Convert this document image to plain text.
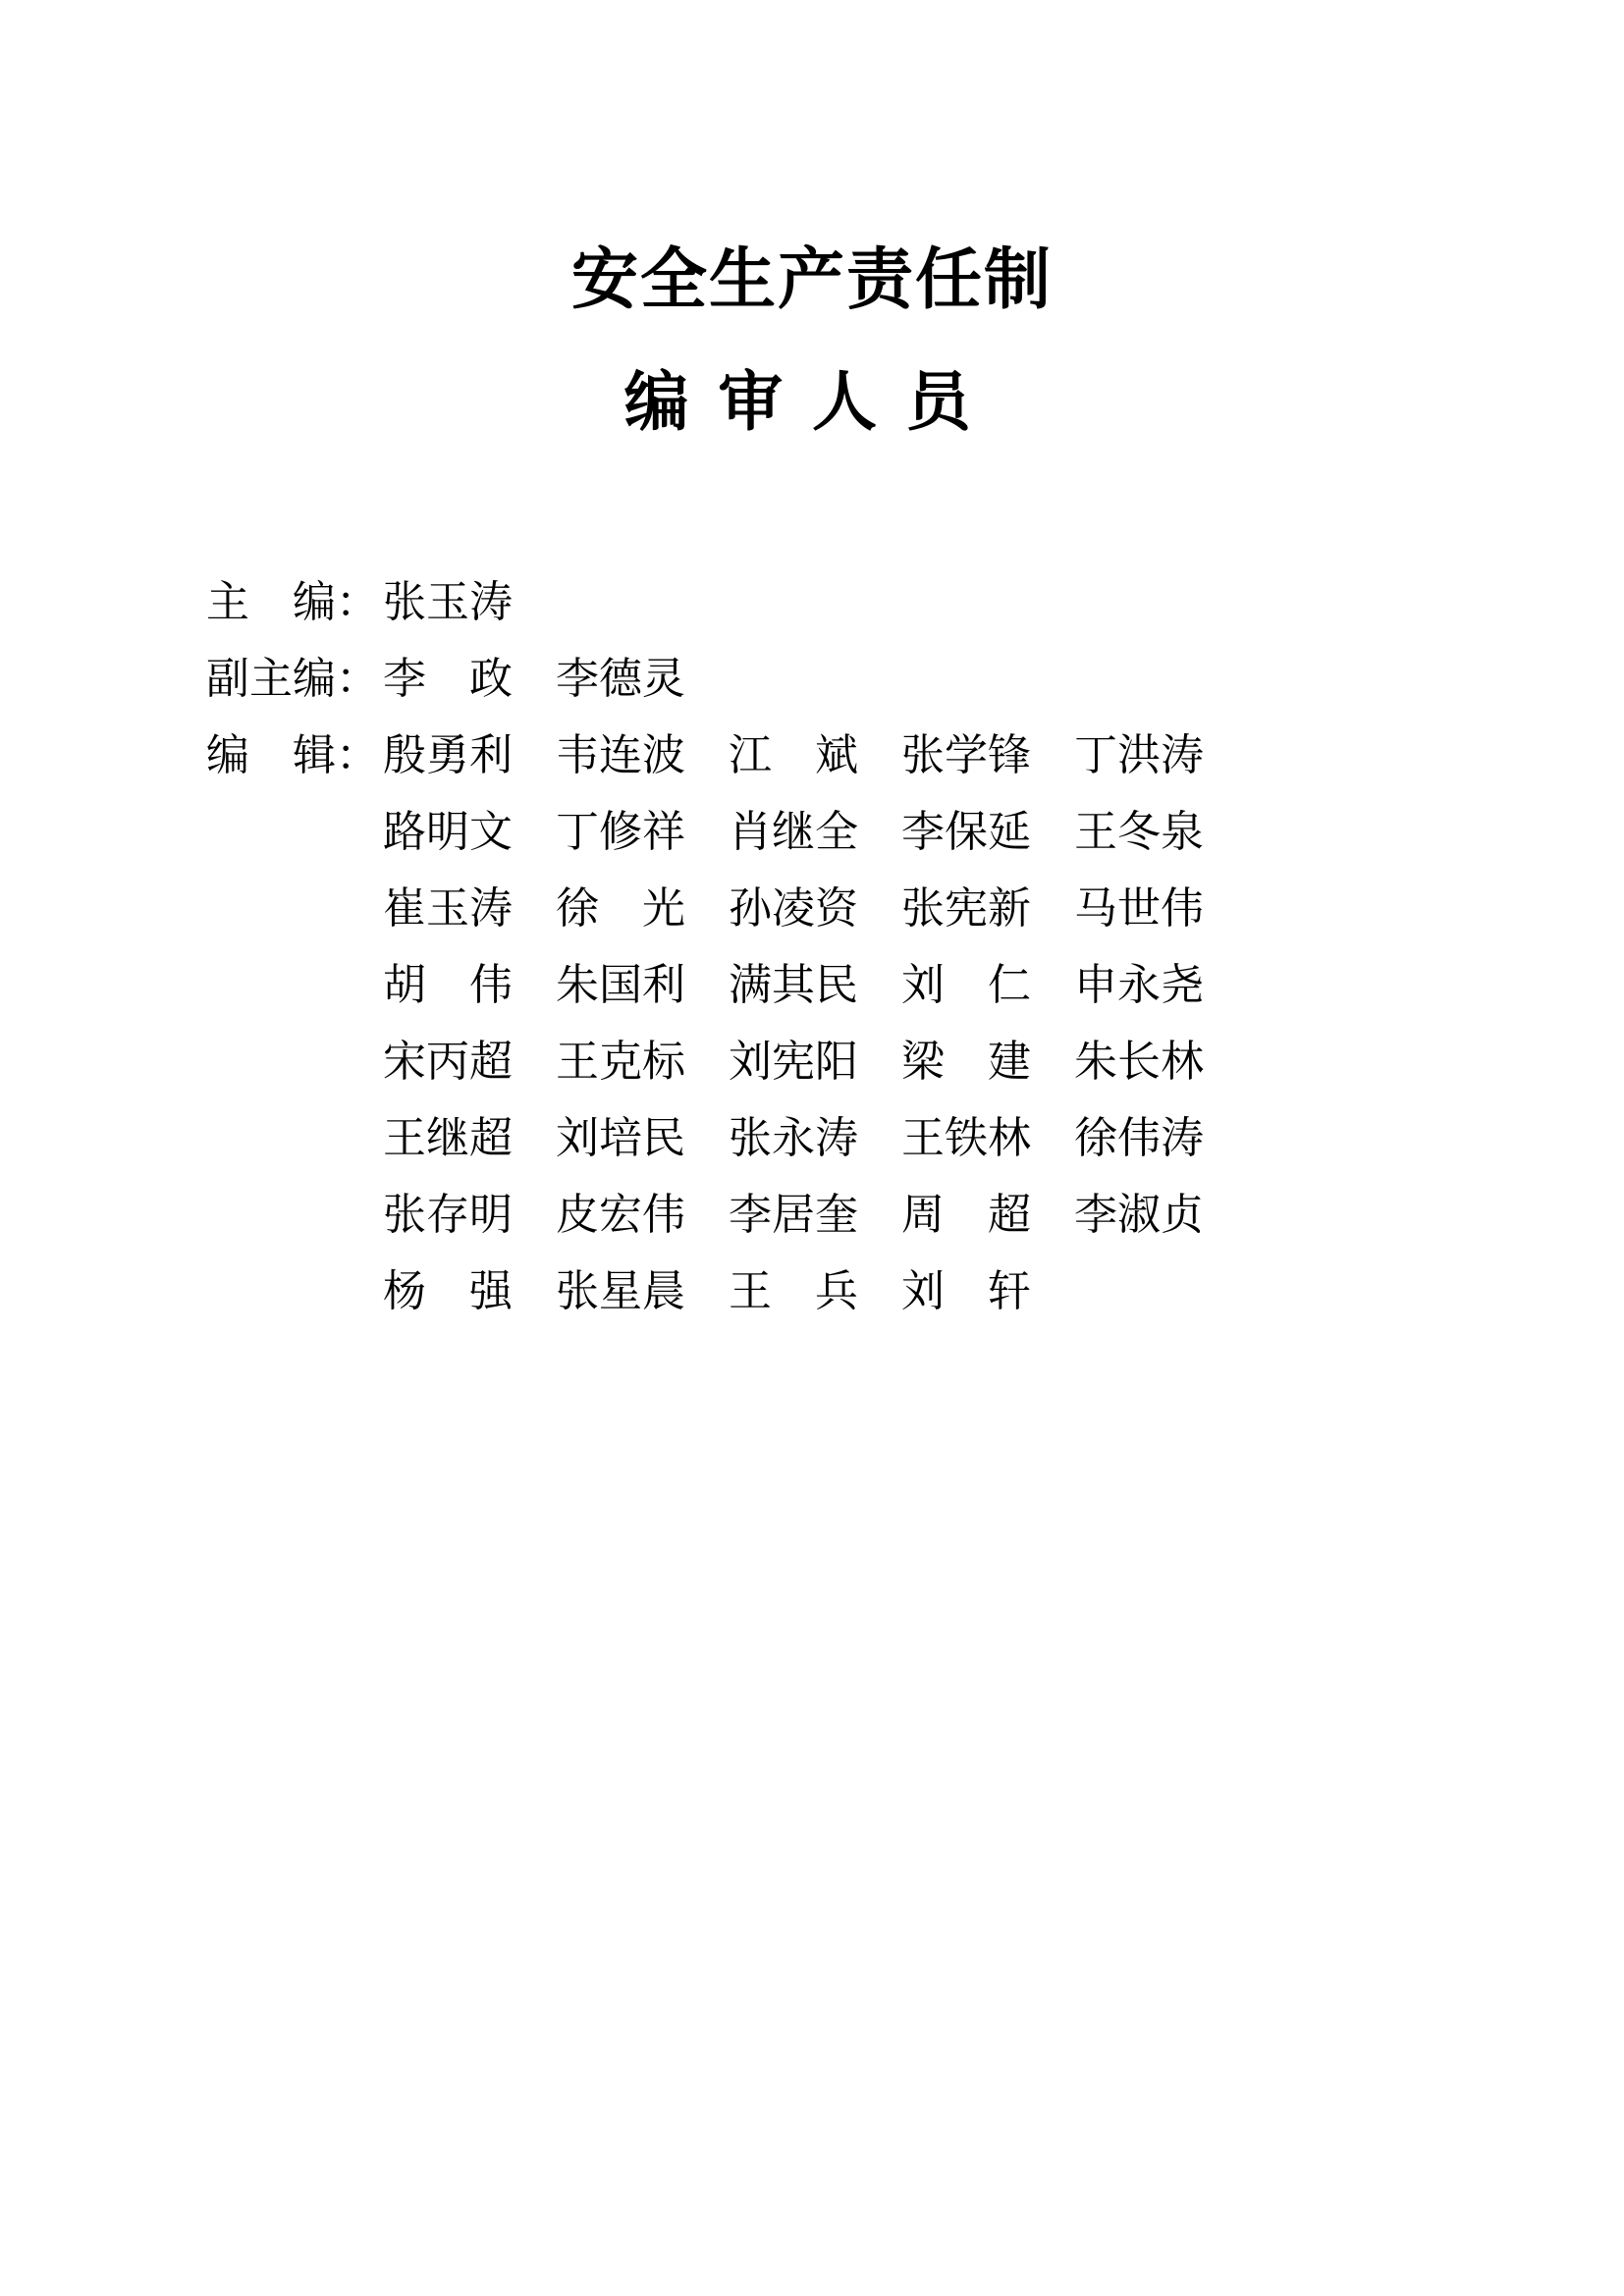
安全生产责任制
编审人员
主　编： 张玉涛
副主编： 李　政	李德灵
编　辑： 殷勇利	韦连波	江　斌	张学锋	丁洪涛
路明文	丁修祥	肖继全	李保延	王冬泉
崔玉涛	徐　光	孙凌资	张宪新	马世伟
胡　伟	朱国利	满其民	刘　仁	申永尧
宋丙超	王克标	刘宪阳	梁　建	朱长林
王继超	刘培民	张永涛	王铁林	徐伟涛
张存明	皮宏伟	李居奎	周　超	李淑贞
杨　强	张星晨	王　兵	刘　轩
